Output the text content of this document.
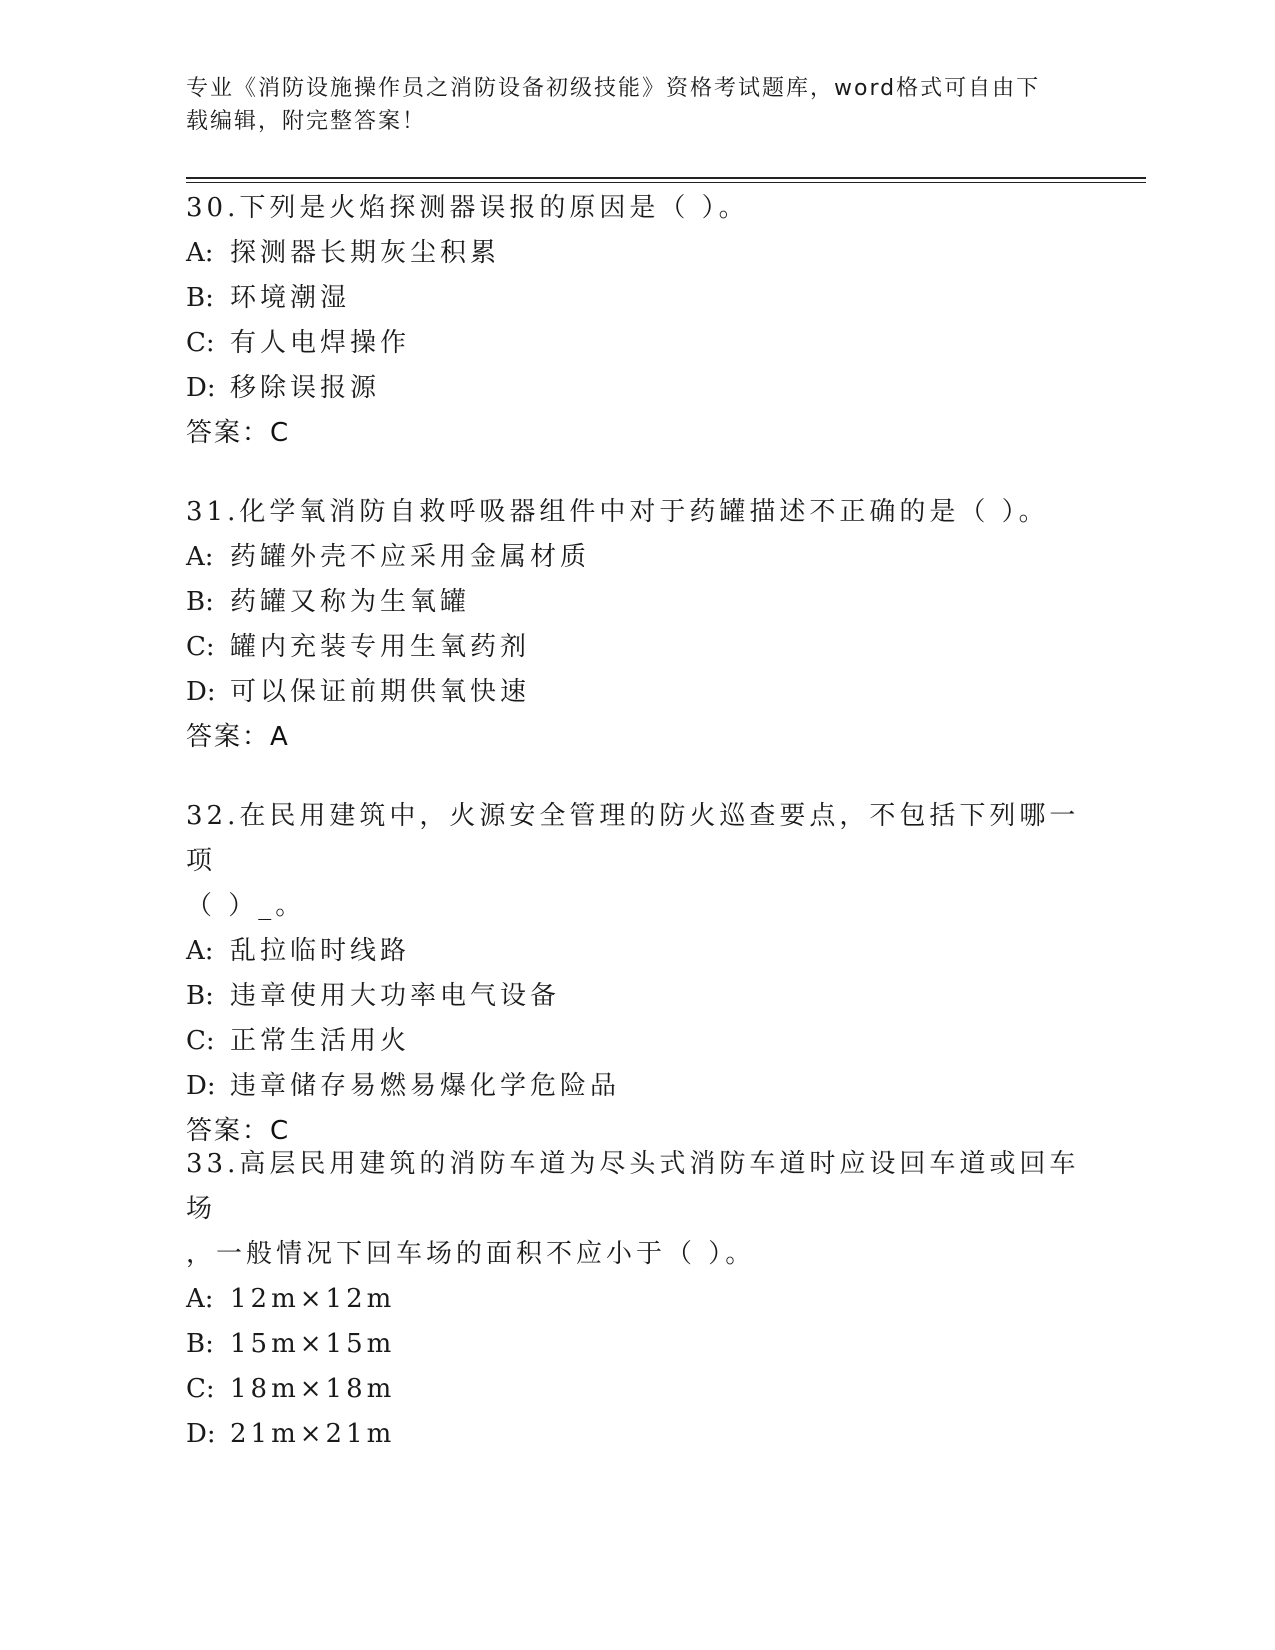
专业《消防设施操作员之消防设备初级技能》资格考试题库，word格式可自由下
载编辑，附完整答案！

30.下列是火焰探测器误报的原因是（ ）。

A: 探测器长期灰尘积累

B: 环境潮湿

C: 有人电焊操作

D: 移除误报源

答案：C

31.化学氧消防自救呼吸器组件中对于药罐描述不正确的是（ ）。

A: 药罐外壳不应采用金属材质

B: 药罐又称为生氧罐

C: 罐内充装专用生氧药剂

D: 可以保证前期供氧快速

答案：A

32.在民用建筑中，火源安全管理的防火巡查要点，不包括下列哪一项

（ ）_。

A: 乱拉临时线路

B: 违章使用大功率电气设备

C: 正常生活用火

D: 违章储存易燃易爆化学危险品

答案：C

33.高层民用建筑的消防车道为尽头式消防车道时应设回车道或回车场

，一般情况下回车场的面积不应小于（ ）。

A: 12m×12m

B: 15m×15m

C: 18m×18m

D: 21m×21m
